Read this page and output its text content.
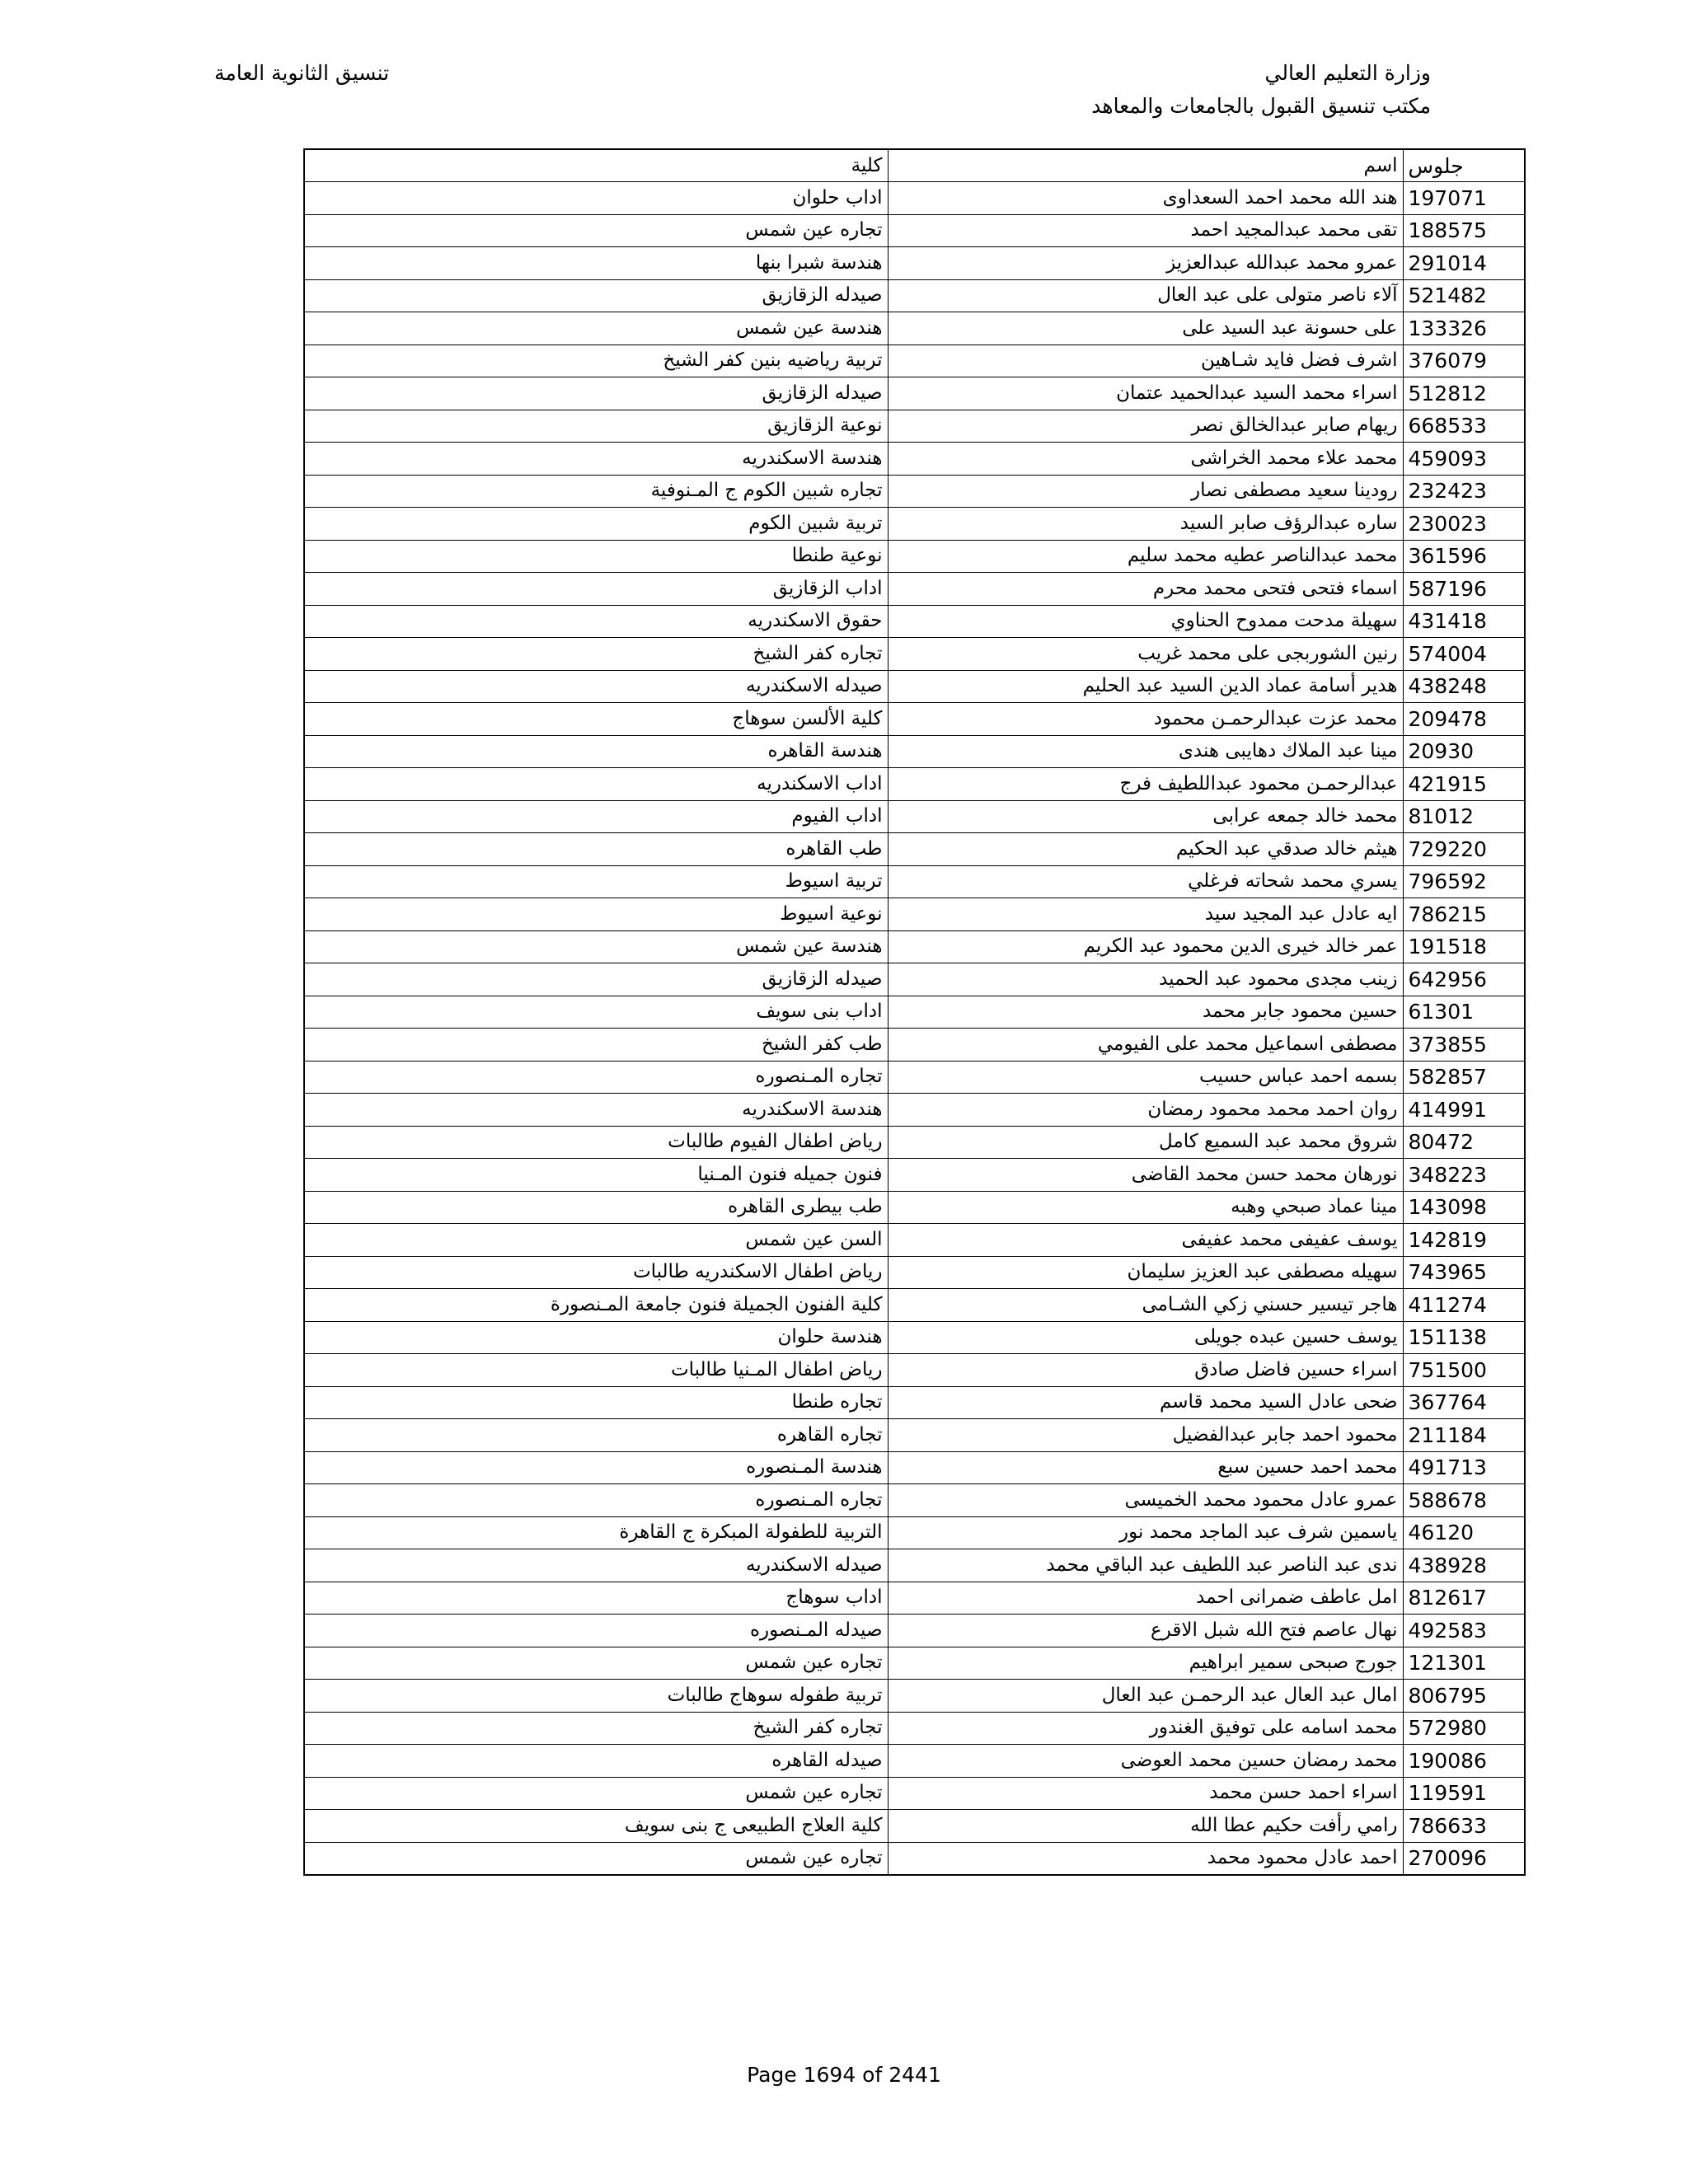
وزارة التعليم العالي
مكتب تنسيق القبول بالجامعات والمعاهد
تنسيق الثانوية العامة
جلوس	اسم	كلية
197071	هند الله محمد احمد السعداوى	اداب حلوان
188575	تقى محمد عبدالمجيد احمد	تجاره عين شمس
291014	عمرو محمد عبدالله عبدالعزيز	هندسة شبرا بنها
521482	آلاء ناصر متولى على عبد العال	صيدله الزقازيق
133326	على حسونة عبد السيد على	هندسة عين شمس
376079	اشرف فضل فايد شـاهين	تربية رياضيه بنين كفر الشيخ
512812	اسراء محمد السيد عبدالحميد عتمان	صيدله الزقازيق
668533	ريهام صابر عبدالخالق نصر	نوعية الزقازيق
459093	محمد علاء محمد الخراشى	هندسة الاسكندريه
232423	رودينا سعيد مصطفى نصار	تجاره شبين الكوم ج المـنوفية
230023	ساره عبدالرؤف صابر السيد	تربية شبين الكوم
361596	محمد عبدالناصر عطيه محمد سليم	نوعية طنطا
587196	اسماء فتحى فتحى محمد محرم	اداب الزقازيق
431418	سهيلة مدحت ممدوح الحناوي	حقوق الاسكندريه
574004	رنين الشوربجى على محمد غريب	تجاره كفر الشيخ
438248	هدير أسامة عماد الدين السيد عبد الحليم	صيدله الاسكندريه
209478	محمد عزت عبدالرحمـن محمود	كلية الألسن سوهاج
20930	مينا عبد الملاك دهايبى هندى	هندسة القاهره
421915	عبدالرحمـن محمود عبداللطيف فرج	اداب الاسكندريه
81012	محمد خالد جمعه عرابى	اداب الفيوم
729220	هيثم خالد صدقي عبد الحكيم	طب القاهره
796592	يسري محمد شحاته فرغلي	تربية اسيوط
786215	ايه عادل عبد المجيد سيد	نوعية اسيوط
191518	عمر خالد خيرى الدين محمود عبد الكريم	هندسة عين شمس
642956	زينب مجدى محمود عبد الحميد	صيدله الزقازيق
61301	حسين محمود جابر محمد	اداب بنى سويف
373855	مصطفى اسماعيل محمد على الفيومي	طب كفر الشيخ
582857	بسمه احمد عباس حسيب	تجاره المـنصوره
414991	روان احمد محمد محمود رمضان	هندسة الاسكندريه
80472	شروق محمد عبد السميع كامل	رياض اطفال الفيوم طالبات
348223	نورهان محمد حسن محمد القاضى	فنون جميله فنون المـنيا
143098	مينا عماد صبحي وهبه	طب بيطرى القاهره
142819	يوسف عفيفى محمد عفيفى	السن عين شمس
743965	سهيله مصطفى عبد العزيز سليمان	رياض اطفال الاسكندريه طالبات
411274	هاجر تيسير حسني زكي الشـامى	كلية الفنون الجميلة فنون جامعة المـنصورة
151138	يوسف حسين عبده جويلى	هندسة حلوان
751500	اسراء حسين فاضل صادق	رياض اطفال المـنيا طالبات
367764	ضحى عادل السيد محمد قاسم	تجاره طنطا
211184	محمود احمد جابر عبدالفضيل	تجاره القاهره
491713	محمد احمد حسين سبع	هندسة المـنصوره
588678	عمرو عادل محمود محمد الخميسى	تجاره المـنصوره
46120	ياسمين شرف عبد الماجد محمد نور	التربية للطفولة المبكرة ج القاهرة
438928	ندى عبد الناصر عبد اللطيف عبد الباقي محمد	صيدله الاسكندريه
812617	امل عاطف ضمرانى احمد	اداب سوهاج
492583	نهال عاصم فتح الله شبل الاقرع	صيدله المـنصوره
121301	جورج صبحى سمير ابراهيم	تجاره عين شمس
806795	امال عبد العال عبد الرحمـن عبد العال	تربية طفوله سوهاج طالبات
572980	محمد اسامه على توفيق الغندور	تجاره كفر الشيخ
190086	محمد رمضان حسين محمد العوضى	صيدله القاهره
119591	اسراء احمد حسن محمد	تجاره عين شمس
786633	رامي رأفت حكيم عطا الله	كلية العلاج الطبيعى ج بنى سويف
270096	احمد عادل محمود محمد	تجاره عين شمس
Page 1694 of 2441
